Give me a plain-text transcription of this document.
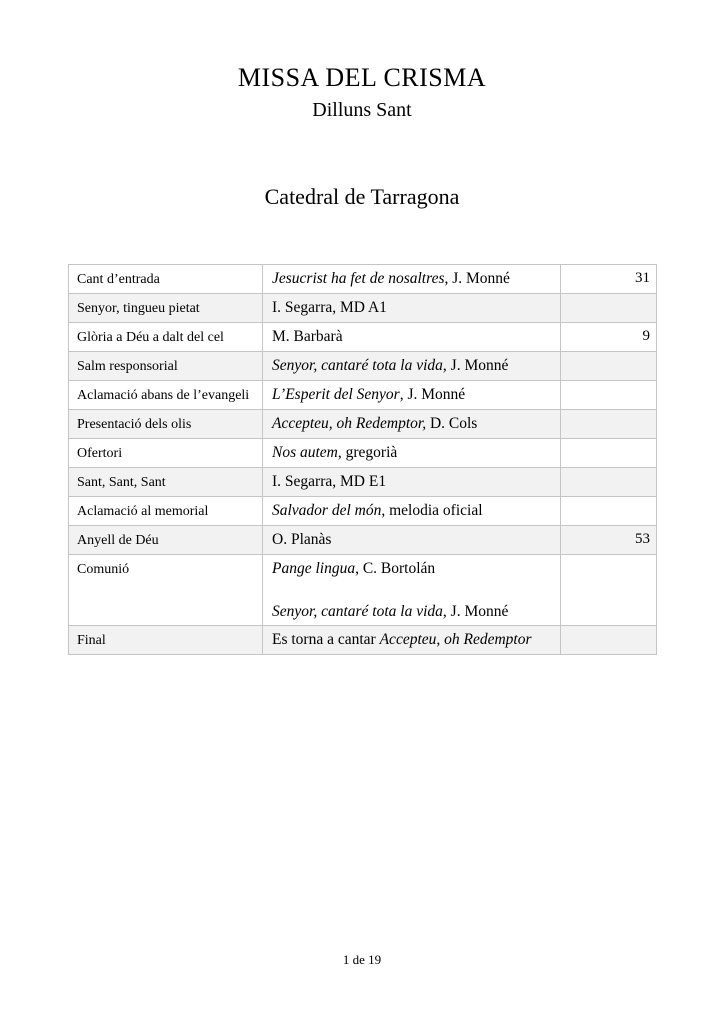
MISSA DEL CRISMA
Dilluns Sant
Catedral de Tarragona
Cant d’entrada	Jesucrist ha fet de nosaltres, J. Monné	31
Senyor, tingueu pietat	I. Segarra, MD A1	

Glòria a Déu a dalt del cel	M. Barbarà	9
Salm responsorial	Senyor, cantaré tota la vida, J. Monné	

Aclamació abans de l’evangeli	L’Esperit del Senyor, J. Monné	

Presentació dels olis	Accepteu, oh Redemptor, D. Cols	

Ofertori	Nos autem, gregorià	

Sant, Sant, Sant	I. Segarra, MD E1	

Aclamació al memorial	Salvador del món, melodia oficial	

Anyell de Déu	O. Planàs	53
Comunió	Pange lingua, C. Bortolán
Senyor, cantaré tota la vida, J. Monné	

Final	Es torna a cantar Accepteu, oh Redemptor	

1 de 19
